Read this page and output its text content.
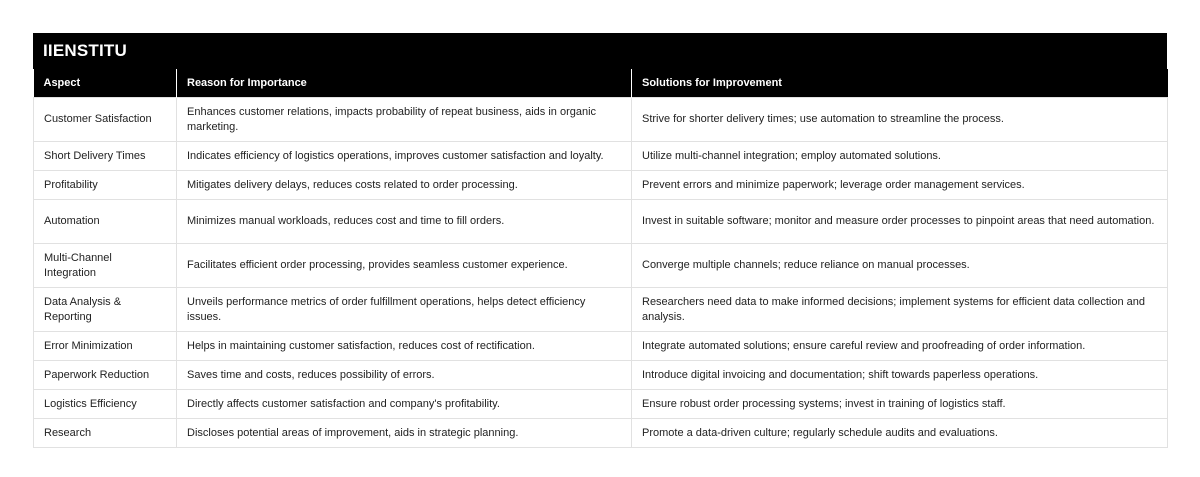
IIENSTITU
Aspect	Reason for Importance	Solutions for Improvement
Customer Satisfaction	Enhances customer relations, impacts probability of repeat business, aids in organic marketing.	Strive for shorter delivery times; use automation to streamline the process.
Short Delivery Times	Indicates efficiency of logistics operations, improves customer satisfaction and loyalty.	Utilize multi-channel integration; employ automated solutions.
Profitability	Mitigates delivery delays, reduces costs related to order processing.	Prevent errors and minimize paperwork; leverage order management services.
Automation	Minimizes manual workloads, reduces cost and time to fill orders.	Invest in suitable software; monitor and measure order processes to pinpoint areas that need automation.
Multi-Channel Integration	Facilitates efficient order processing, provides seamless customer experience.	Converge multiple channels; reduce reliance on manual processes.
Data Analysis & Reporting	Unveils performance metrics of order fulfillment operations, helps detect efficiency issues.	Researchers need data to make informed decisions; implement systems for efficient data collection and analysis.
Error Minimization	Helps in maintaining customer satisfaction, reduces cost of rectification.	Integrate automated solutions; ensure careful review and proofreading of order information.
Paperwork Reduction	Saves time and costs, reduces possibility of errors.	Introduce digital invoicing and documentation; shift towards paperless operations.
Logistics Efficiency	Directly affects customer satisfaction and company's profitability.	Ensure robust order processing systems; invest in training of logistics staff.
Research	Discloses potential areas of improvement, aids in strategic planning.	Promote a data-driven culture; regularly schedule audits and evaluations.
